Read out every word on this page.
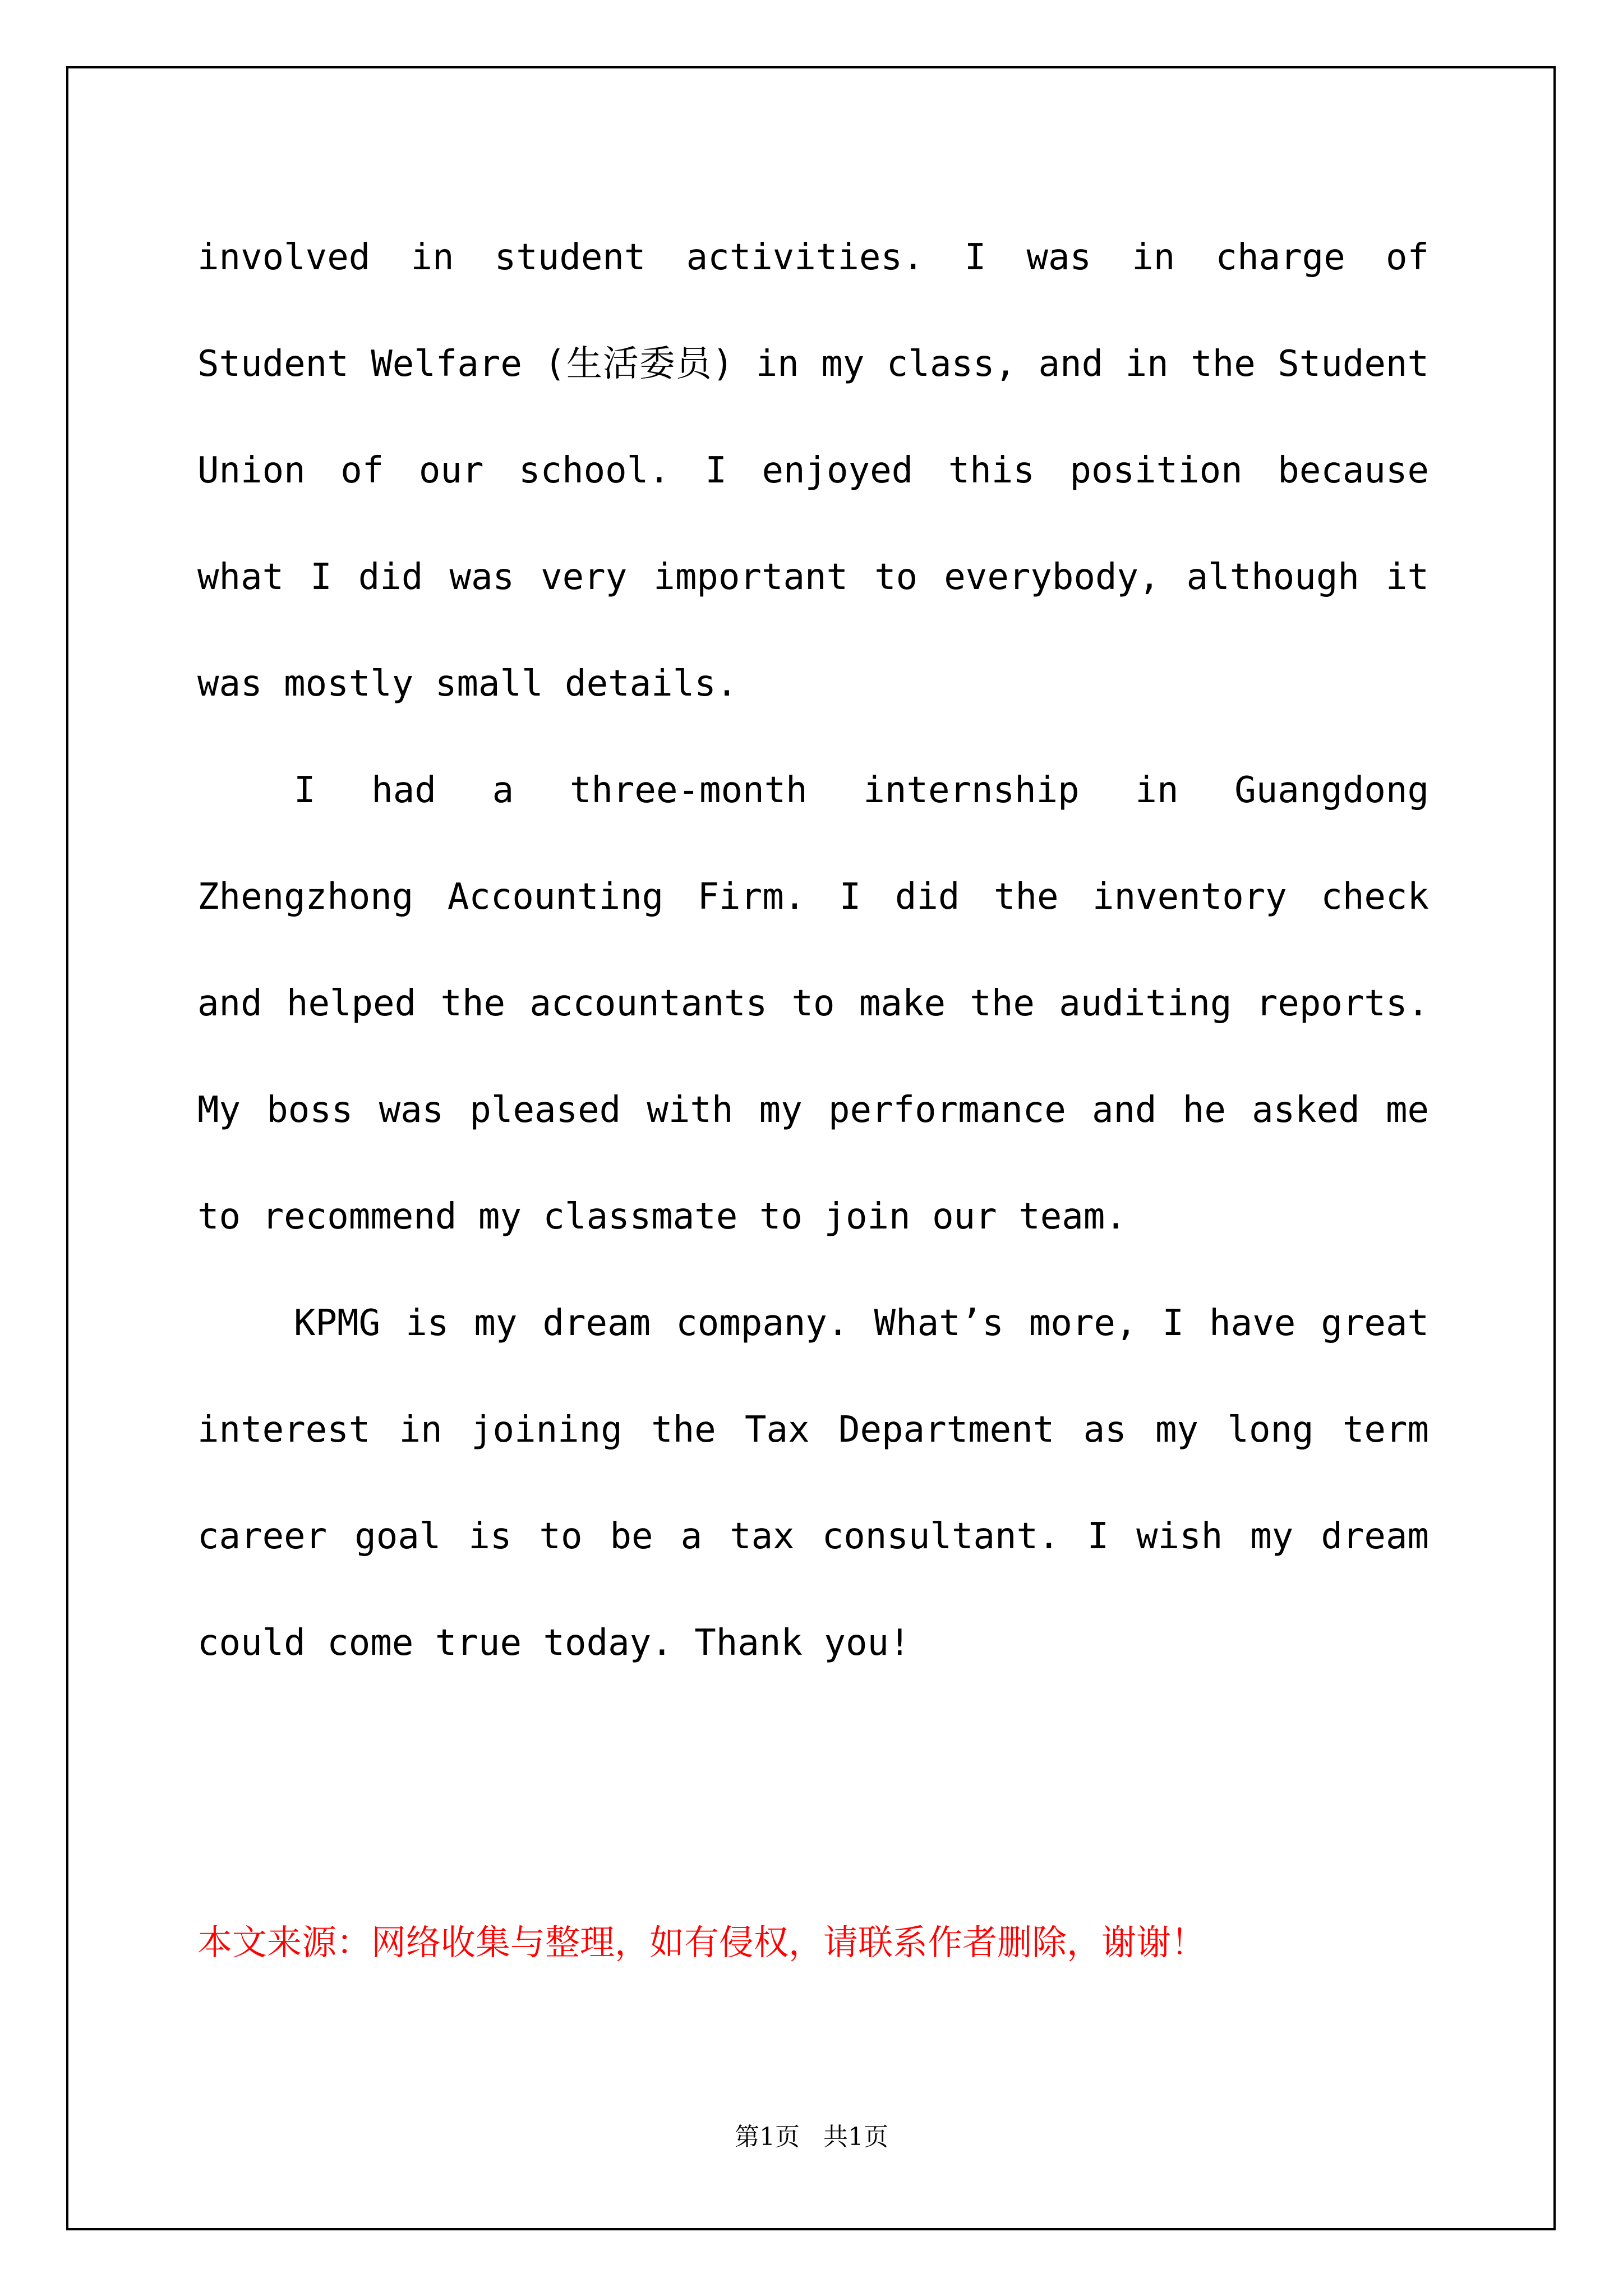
involved in student activities. I was in charge of Student Welfare (生活委员) in my class, and in the Student Union of our school. I enjoyed this position because what I did was very important to everybody, although it was mostly small details.

I had a three-month internship in Guangdong Zhengzhong Accounting Firm. I did the inventory check and helped the accountants to make the auditing reports. My boss was pleased with my performance and he asked me to recommend my classmate to join our team.

KPMG is my dream company. What’s more, I have great interest in joining the Tax Department as my long term career goal is to be a tax consultant. I wish my dream could come true today. Thank you!

本文来源：网络收集与整理，如有侵权，请联系作者删除，谢谢！
第1页   共1页
